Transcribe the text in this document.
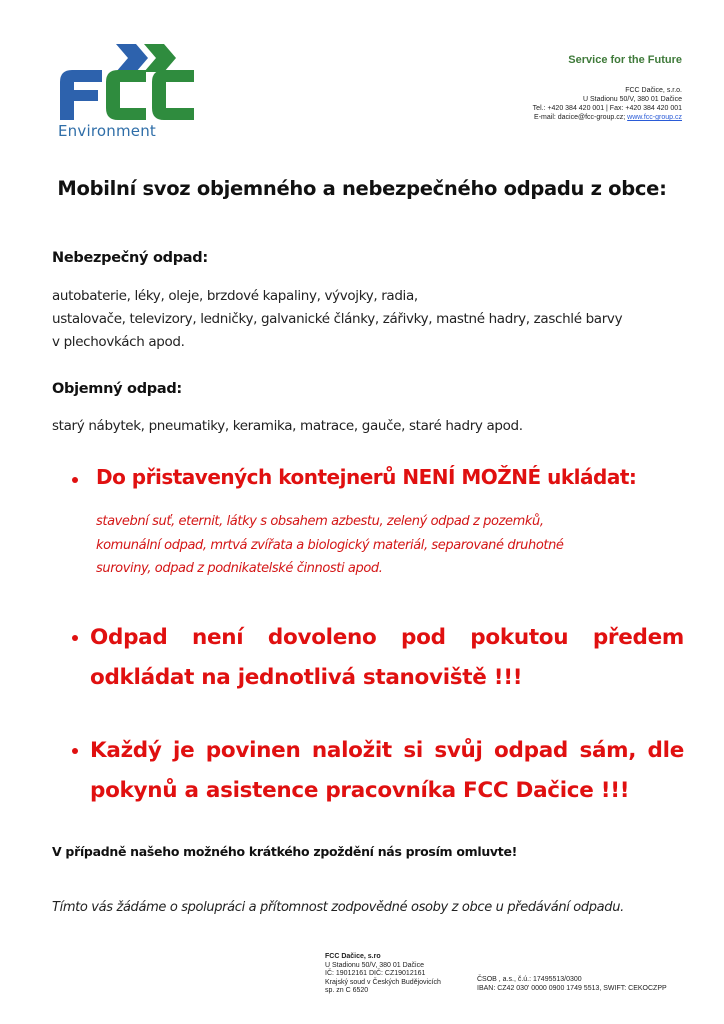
Environment
Service for the Future
FCC Dačice, s.r.o.
U Stadionu 50/V, 380 01 Dačice
Tel.: +420 384 420 001 | Fax: +420 384 420 001
E-mail: dacice@fcc-group.cz; www.fcc-group.cz
Mobilní svoz objemného a nebezpečného odpadu z obce:
Nebezpečný odpad:
autobaterie, léky, oleje, brzdové kapaliny, vývojky, radia,
ustalovače, televizory, ledničky, galvanické články, zářivky, mastné hadry, zaschlé barvy
v plechovkách apod.
Objemný odpad:
starý nábytek, pneumatiky, keramika, matrace, gauče, staré hadry apod.
Do přistavených kontejnerů NENÍ MOŽNÉ ukládat:
stavební suť, eternit, látky s obsahem azbestu, zelený odpad z pozemků,
komunální odpad, mrtvá zvířata a biologický materiál, separované druhotné
suroviny, odpad z podnikatelské činnosti apod.
Odpad není dovoleno pod pokutou předem odkládat na jednotlivá stanoviště !!!
Každý je povinen naložit si svůj odpad sám, dle pokynů a asistence pracovníka FCC Dačice !!!
V případně našeho možného krátkého zpoždění nás prosím omluvte!
Tímto vás žádáme o spolupráci a přítomnost zodpovědné osoby z obce u předávání odpadu.
FCC Dačice, s.ro
U Stadionu 50/V, 380 01 Dačice
IČ: 19012161 DIČ: CZ19012161
Krajský soud v Českých Budějovicích
sp. zn C 6520
ČSOB , a.s., č.ú.: 17495513/0300
IBAN: CZ42 030' 0000 0900 1749 5513, SWIFT: CEKOCZPP
